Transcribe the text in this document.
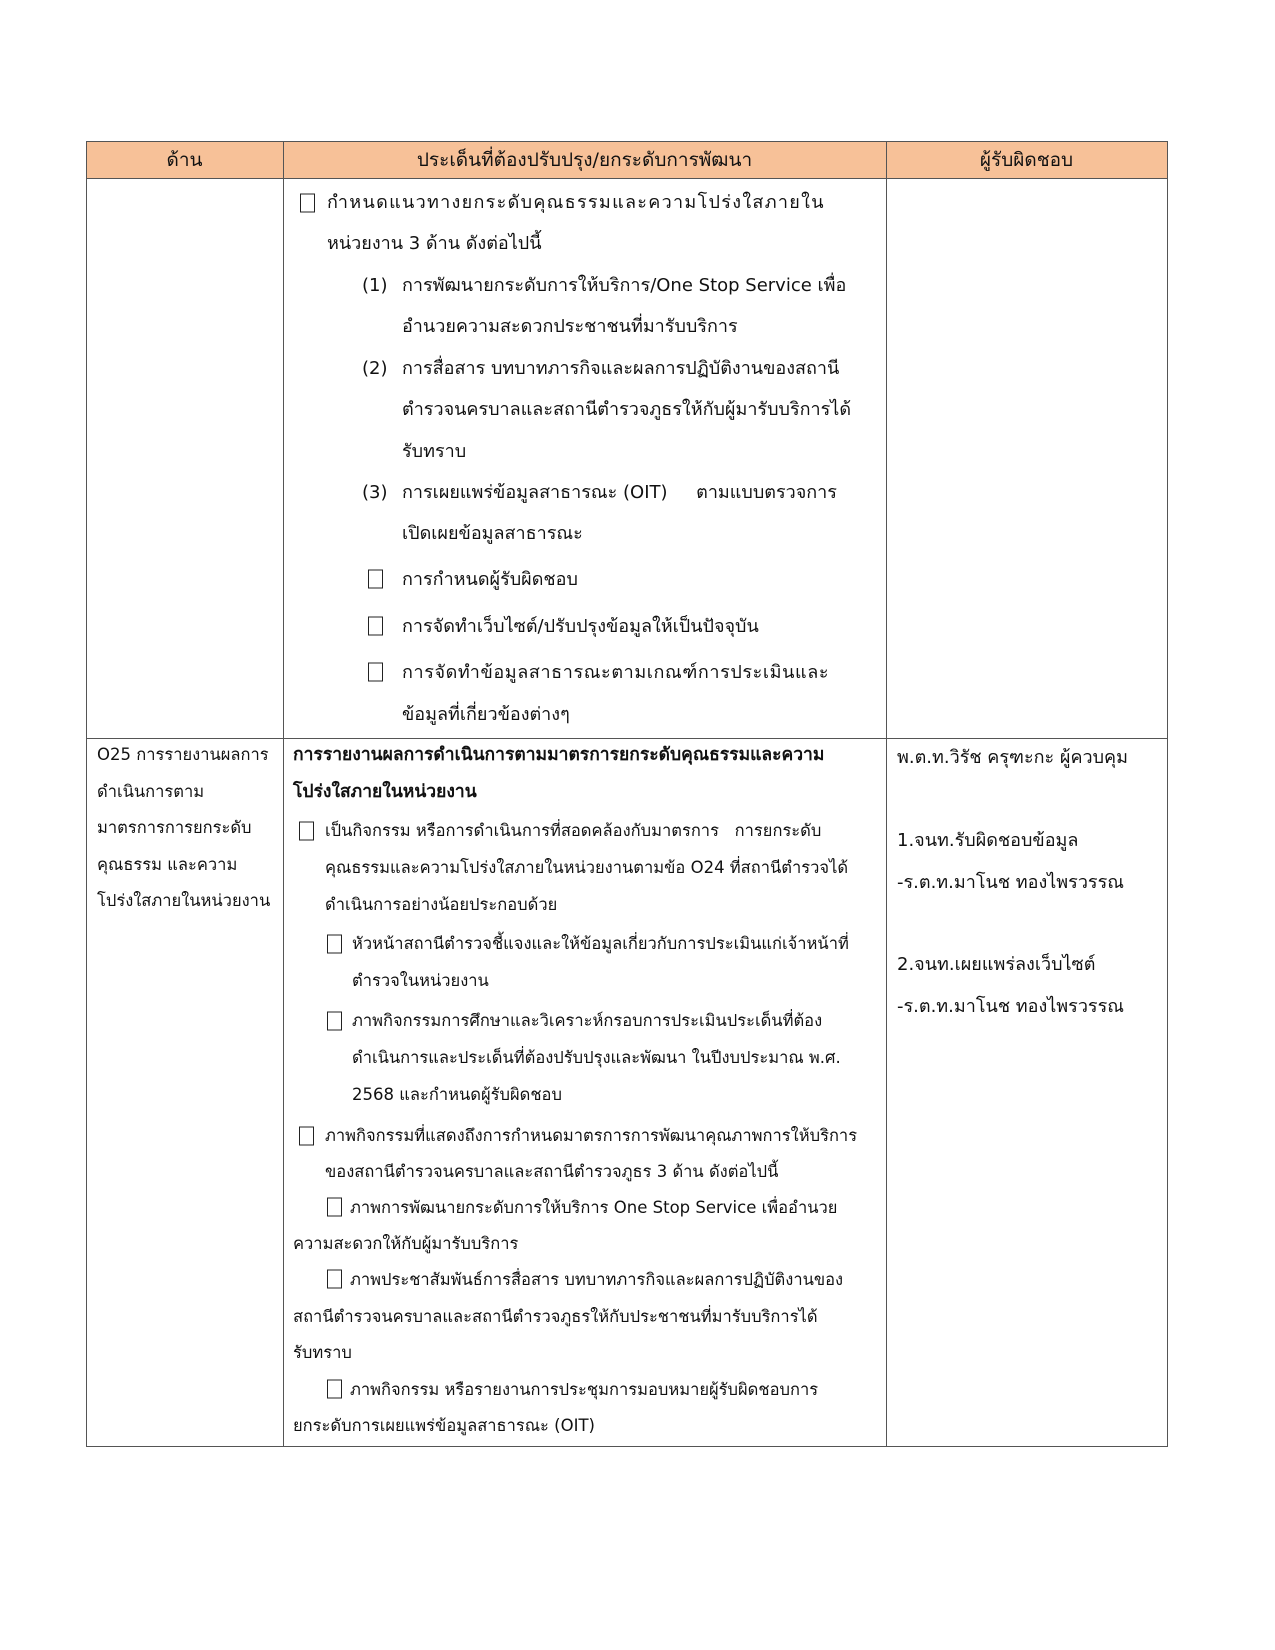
ด้าน	ประเด็นที่ต้องปรับปรุง/ยกระดับการพัฒนา	ผู้รับผิดชอบ
กำหนดแนวทางยกระดับคุณธรรมและความโปร่งใสภายใน
หน่วยงาน 3 ด้าน ดังต่อไปนี้
(1) การพัฒนายกระดับการให้บริการ/One Stop Service เพื่อ
อำนวยความสะดวกประชาชนที่มารับบริการ
(2) การสื่อสาร บทบาทภารกิจและผลการปฏิบัติงานของสถานี
ตำรวจนครบาลและสถานีตำรวจภูธรให้กับผู้มารับบริการได้
รับทราบ
(3) การเผยแพร่ข้อมูลสาธารณะ (OIT)     ตามแบบตรวจการ
เปิดเผยข้อมูลสาธารณะ
การกำหนดผู้รับผิดชอบ
การจัดทำเว็บไซต์/ปรับปรุงข้อมูลให้เป็นปัจจุบัน
การจัดทำข้อมูลสาธารณะตามเกณฑ์การประเมินและ
ข้อมูลที่เกี่ยวข้องต่างๆ
O25 การรายงานผลการ
ดำเนินการตาม
มาตรการการยกระดับ
คุณธรรม และความ
โปร่งใสภายในหน่วยงาน
การรายงานผลการดำเนินการตามมาตรการยกระดับคุณธรรมและความ
โปร่งใสภายในหน่วยงาน
เป็นกิจกรรม หรือการดำเนินการที่สอดคล้องกับมาตรการ   การยกระดับ
คุณธรรมและความโปร่งใสภายในหน่วยงานตามข้อ O24 ที่สถานีตำรวจได้
ดำเนินการอย่างน้อยประกอบด้วย
หัวหน้าสถานีตำรวจชี้แจงและให้ข้อมูลเกี่ยวกับการประเมินแก่เจ้าหน้าที่
ตำรวจในหน่วยงาน
ภาพกิจกรรมการศึกษาและวิเคราะห์กรอบการประเมินประเด็นที่ต้อง
ดำเนินการและประเด็นที่ต้องปรับปรุงและพัฒนา ในปีงบประมาณ พ.ศ.
2568 และกำหนดผู้รับผิดชอบ
ภาพกิจกรรมที่แสดงถึงการกำหนดมาตรการการพัฒนาคุณภาพการให้บริการ
ของสถานีตำรวจนครบาลและสถานีตำรวจภูธร 3 ด้าน ดังต่อไปนี้
ภาพการพัฒนายกระดับการให้บริการ One Stop Service เพื่ออำนวย
ความสะดวกให้กับผู้มารับบริการ
ภาพประชาสัมพันธ์การสื่อสาร บทบาทภารกิจและผลการปฏิบัติงานของ
สถานีตำรวจนครบาลและสถานีตำรวจภูธรให้กับประชาชนที่มารับบริการได้
รับทราบ
ภาพกิจกรรม หรือรายงานการประชุมการมอบหมายผู้รับผิดชอบการ
ยกระดับการเผยแพร่ข้อมูลสาธารณะ (OIT)
พ.ต.ท.วิรัช ครุฑะกะ ผู้ควบคุม
1.จนท.รับผิดชอบข้อมูล
-ร.ต.ท.มาโนช ทองไพรวรรณ
2.จนท.เผยแพร่ลงเว็บไซต์
-ร.ต.ท.มาโนช ทองไพรวรรณ
